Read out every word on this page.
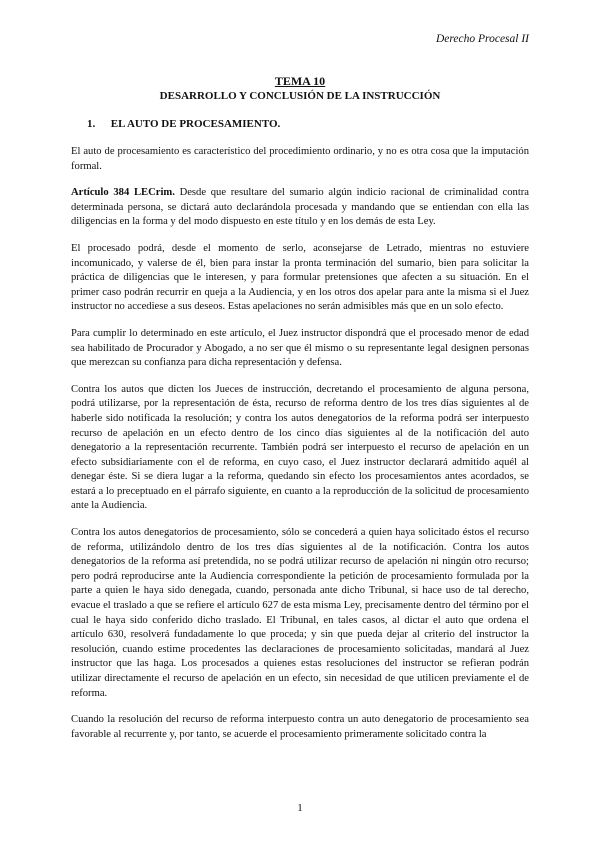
Derecho Procesal II
TEMA 10
DESARROLLO Y CONCLUSIÓN DE LA INSTRUCCIÓN
1. EL AUTO DE PROCESAMIENTO.

El auto de procesamiento es característico del procedimiento ordinario, y no es otra cosa que la imputación formal.

Artículo 384 LECrim. Desde que resultare del sumario algún indicio racional de criminalidad contra determinada persona, se dictará auto declarándola procesada y mandando que se entiendan con ella las diligencias en la forma y del modo dispuesto en este título y en los demás de esta Ley.

El procesado podrá, desde el momento de serlo, aconsejarse de Letrado, mientras no estuviere incomunicado, y valerse de él, bien para instar la pronta terminación del sumario, bien para solicitar la práctica de diligencias que le interesen, y para formular pretensiones que afecten a su situación. En el primer caso podrán recurrir en queja a la Audiencia, y en los otros dos apelar para ante la misma si el Juez instructor no accediese a sus deseos. Estas apelaciones no serán admisibles más que en un solo efecto.

Para cumplir lo determinado en este artículo, el Juez instructor dispondrá que el procesado menor de edad sea habilitado de Procurador y Abogado, a no ser que él mismo o su representante legal designen personas que merezcan su confianza para dicha representación y defensa.

Contra los autos que dicten los Jueces de instrucción, decretando el procesamiento de alguna persona, podrá utilizarse, por la representación de ésta, recurso de reforma dentro de los tres días siguientes al de haberle sido notificada la resolución; y contra los autos denegatorios de la reforma podrá ser interpuesto recurso de apelación en un efecto dentro de los cinco días siguientes al de la notificación del auto denegatorio a la representación recurrente. También podrá ser interpuesto el recurso de apelación en un efecto subsidiariamente con el de reforma, en cuyo caso, el Juez instructor declarará admitido aquél al denegar éste. Si se diera lugar a la reforma, quedando sin efecto los procesamientos antes acordados, se estará a lo preceptuado en el párrafo siguiente, en cuanto a la reproducción de la solicitud de procesamiento ante la Audiencia.

Contra los autos denegatorios de procesamiento, sólo se concederá a quien haya solicitado éstos el recurso de reforma, utilizándolo dentro de los tres días siguientes al de la notificación. Contra los autos denegatorios de la reforma así pretendida, no se podrá utilizar recurso de apelación ni ningún otro recurso; pero podrá reproducirse ante la Audiencia correspondiente la petición de procesamiento formulada por la parte a quien le haya sido denegada, cuando, personada ante dicho Tribunal, si hace uso de tal derecho, evacue el traslado a que se refiere el artículo 627 de esta misma Ley, precisamente dentro del término por el cual le haya sido conferido dicho traslado. El Tribunal, en tales casos, al dictar el auto que ordena el artículo 630, resolverá fundadamente lo que proceda; y sin que pueda dejar al criterio del instructor la resolución, cuando estime procedentes las declaraciones de procesamiento solicitadas, mandará al Juez instructor que las haga. Los procesados a quienes estas resoluciones del instructor se refieran podrán utilizar directamente el recurso de apelación en un efecto, sin necesidad de que utilicen previamente el de reforma.

Cuando la resolución del recurso de reforma interpuesto contra un auto denegatorio de procesamiento sea favorable al recurrente y, por tanto, se acuerde el procesamiento primeramente solicitado contra la

1
